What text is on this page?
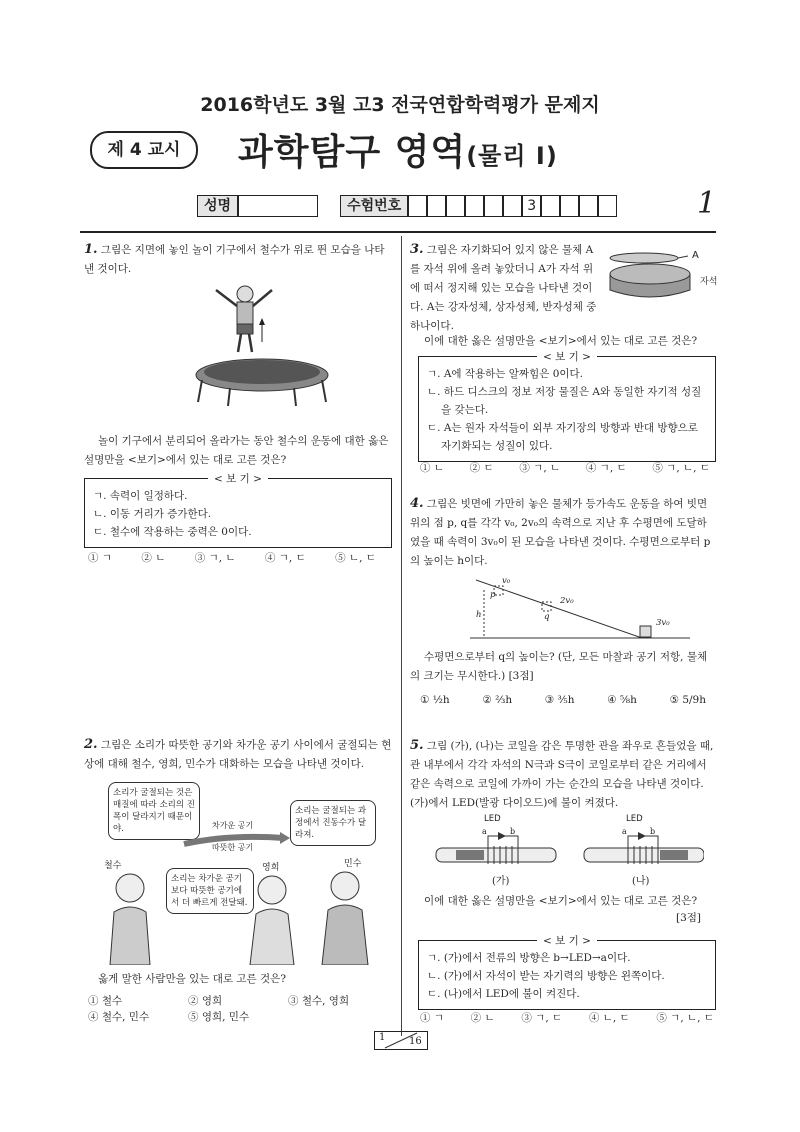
2016학년도 3월 고3 전국연합학력평가 문제지
제 4 교시	과학탐구 영역(물리 Ⅰ)
성명	수험번호	3	1
1. 그림은 지면에 놓인 놀이 기구에서 철수가 위로 뛴 모습을 나타낸 것이다.
놀이 기구에서 분리되어 올라가는 동안 철수의 운동에 대한 옳은 설명만을 <보기>에서 있는 대로 고른 것은?
< 보 기 >
ㄱ. 속력이 일정하다.
ㄴ. 이동 거리가 증가한다.
ㄷ. 철수에 작용하는 중력은 0이다.
① ㄱ	② ㄴ	③ ㄱ, ㄴ	④ ㄱ, ㄷ	⑤ ㄴ, ㄷ
2. 그림은 소리가 따뜻한 공기와 차가운 공기 사이에서 굴절되는 현상에 대해 철수, 영희, 민수가 대화하는 모습을 나타낸 것이다.
소리가 굴절되는 것은 매질에 따라 소리의 진폭이 달라지기 때문이야.
소리는 굴절되는 과정에서 진동수가 달라져.
소리는 차가운 공기보다 따뜻한 공기에서 더 빠르게 전달돼.
차가운 공기
따뜻한 공기
철수	영희	민수
옳게 말한 사람만을 있는 대로 고른 것은?
① 철수	② 영희	③ 철수, 영희
④ 철수, 민수	⑤ 영희, 민수
3. 그림은 자기화되어 있지 않은 물체 A를 자석 위에 올려 놓았더니 A가 자석 위에 떠서 정지해 있는 모습을 나타낸 것이다. A는 강자성체, 상자성체, 반자성체 중 하나이다.
A
자석
이에 대한 옳은 설명만을 <보기>에서 있는 대로 고른 것은?
< 보 기 >
ㄱ. A에 작용하는 알짜힘은 0이다.
ㄴ. 하드 디스크의 정보 저장 물질은 A와 동일한 자기적 성질을 갖는다.
ㄷ. A는 원자 자석들이 외부 자기장의 방향과 반대 방향으로 자기화되는 성질이 있다.
① ㄴ ② ㄷ ③ ㄱ, ㄴ ④ ㄱ, ㄷ ⑤ ㄱ, ㄴ, ㄷ
4. 그림은 빗면에 가만히 놓은 물체가 등가속도 운동을 하여 빗면 위의 점 p, q를 각각 v₀, 2v₀의 속력으로 지난 후 수평면에 도달하였을 때 속력이 3v₀이 된 모습을 나타낸 것이다. 수평면으로부터 p의 높이는 h이다.
v₀
2v₀
3v₀
p
q
h
수평면으로부터 q의 높이는? (단, 모든 마찰과 공기 저항, 물체의 크기는 무시한다.) [3점]
① ½h	② ⅔h	③ ⅗h	④ ⅝h	⑤ 5/9h
5. 그림 (가), (나)는 코일을 감은 투명한 관을 좌우로 흔들었을 때, 관 내부에서 각각 자석의 N극과 S극이 코일로부터 같은 거리에서 같은 속력으로 코일에 가까이 가는 순간의 모습을 나타낸 것이다. (가)에서 LED(발광 다이오드)에 불이 켜졌다.
LED	LED
a	b	a	b
(가)	(나)
이에 대한 옳은 설명만을 <보기>에서 있는 대로 고른 것은?
[3점]
< 보 기 >
ㄱ. (가)에서 전류의 방향은 b→LED→a이다.
ㄴ. (가)에서 자석이 받는 자기력의 방향은 왼쪽이다.
ㄷ. (나)에서 LED에 불이 켜진다.
① ㄱ	② ㄴ	③ ㄱ, ㄷ	④ ㄴ, ㄷ	⑤ ㄱ, ㄴ, ㄷ
1 16
